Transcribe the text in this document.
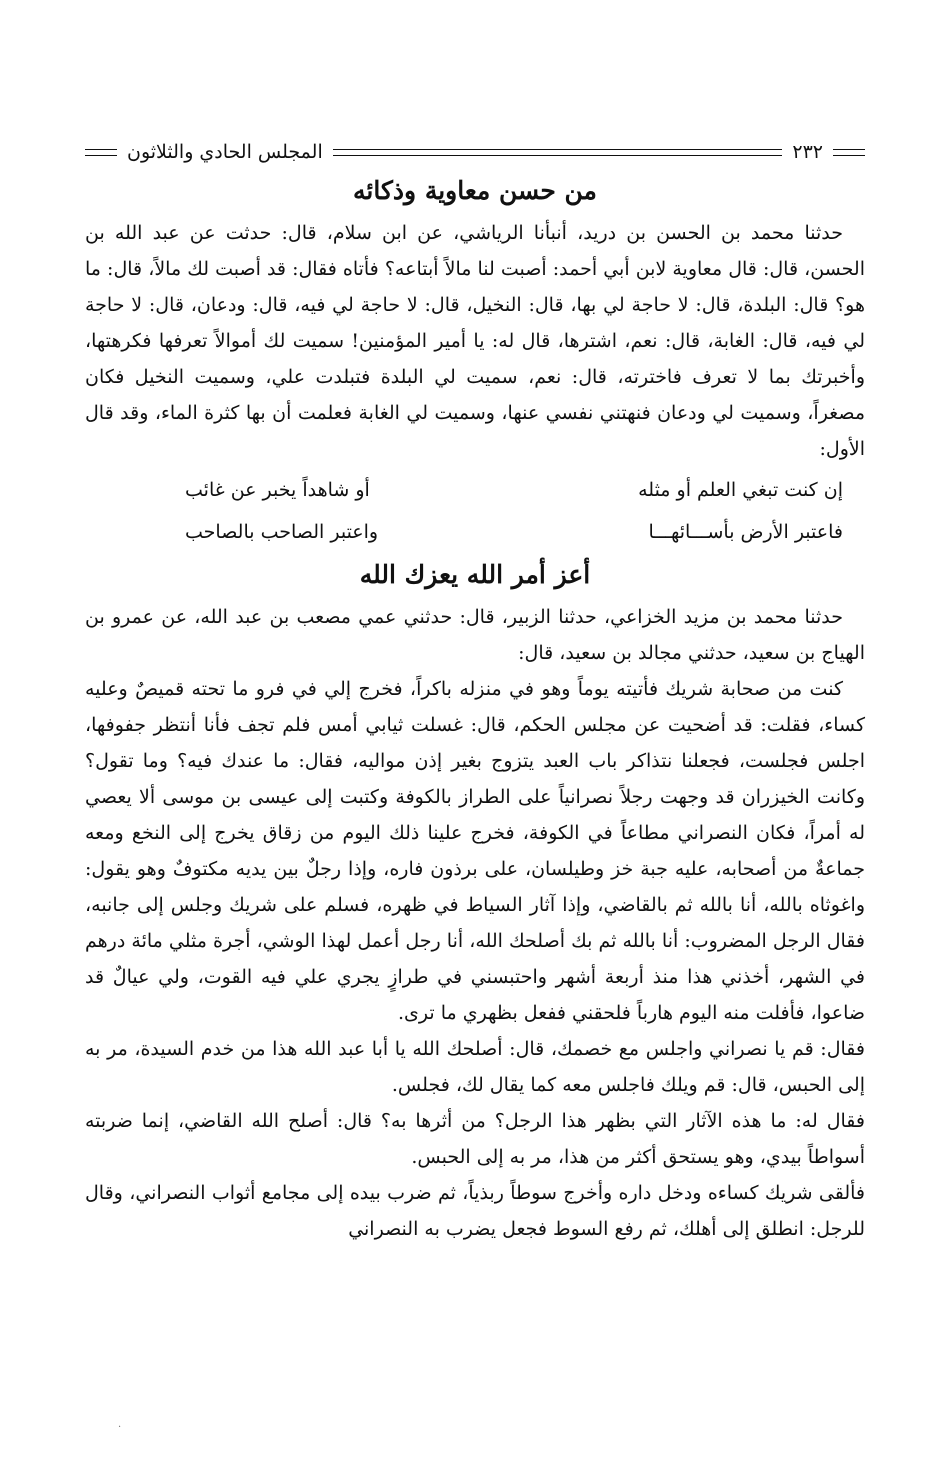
٢٣٢
المجلس الحادي والثلاثون
من حسن معاوية وذكائه

حدثنا محمد بن الحسن بن دريد، أنبأنا الرياشي، عن ابن سلام، قال: حدثت عن عبد الله بن الحسن، قال: قال معاوية لابن أبي أحمد: أصبت لنا مالاً أبتاعه؟ فأتاه فقال: قد أصبت لك مالاً، قال: ما هو؟ قال: البلدة، قال: لا حاجة لي بها، قال: النخيل، قال: لا حاجة لي فيه، قال: ودعان، قال: لا حاجة لي فيه، قال: الغابة، قال: نعم، اشترها، قال له: يا أمير المؤمنين! سميت لك أموالاً تعرفها فكرهتها، وأخبرتك بما لا تعرف فاخترته، قال: نعم، سميت لي البلدة فتبلدت علي، وسميت النخيل فكان مصغراً، وسميت لي ودعان فنهتني نفسي عنها، وسميت لي الغابة فعلمت أن بها كثرة الماء، وقد قال الأول:

إن كنت تبغي العلم أو مثله
أو شاهداً يخبر عن غائب
فاعتبر الأرض بأســـائهـــا
واعتبر الصاحب بالصاحب
أعز أمر الله يعزك الله

حدثنا محمد بن مزيد الخزاعي، حدثنا الزبير، قال: حدثني عمي مصعب بن عبد الله، عن عمرو بن الهياج بن سعيد، حدثني مجالد بن سعيد، قال:

كنت من صحابة شريك فأتيته يوماً وهو في منزله باكراً، فخرج إلي في فرو ما تحته قميصٌ وعليه كساء، فقلت: قد أضحيت عن مجلس الحكم، قال: غسلت ثيابي أمس فلم تجف فأنا أنتظر جفوفها، اجلس فجلست، فجعلنا نتذاكر باب العبد يتزوج بغير إذن مواليه، فقال: ما عندك فيه؟ وما تقول؟ وكانت الخيزران قد وجهت رجلاً نصرانياً على الطراز بالكوفة وكتبت إلى عيسى بن موسى ألا يعصي له أمراً، فكان النصراني مطاعاً في الكوفة، فخرج علينا ذلك اليوم من زقاق يخرج إلى النخع ومعه جماعةٌ من أصحابه، عليه جبة خز وطيلسان، على برذون فاره، وإذا رجلٌ بين يديه مكتوفٌ وهو يقول: واغوثاه بالله، أنا بالله ثم بالقاضي، وإذا آثار السياط في ظهره، فسلم على شريك وجلس إلى جانبه، فقال الرجل المضروب: أنا بالله ثم بك أصلحك الله، أنا رجل أعمل لهذا الوشي، أجرة مثلي مائة درهم في الشهر، أخذني هذا منذ أربعة أشهر واحتبسني في طرازٍ يجري علي فيه القوت، ولي عيالٌ قد ضاعوا، فأفلت منه اليوم هارباً فلحقني ففعل بظهري ما ترى.

فقال: قم يا نصراني واجلس مع خصمك، قال: أصلحك الله يا أبا عبد الله هذا من خدم السيدة، مر به إلى الحبس، قال: قم ويلك فاجلس معه كما يقال لك، فجلس.

فقال له: ما هذه الآثار التي بظهر هذا الرجل؟ من أثرها به؟ قال: أصلح الله القاضي، إنما ضربته أسواطاً بيدي، وهو يستحق أكثر من هذا، مر به إلى الحبس.

فألقى شريك كساءه ودخل داره وأخرج سوطاً ربذياً، ثم ضرب بيده إلى مجامع أثواب النصراني، وقال للرجل: انطلق إلى أهلك، ثم رفع السوط فجعل يضرب به النصراني

·
